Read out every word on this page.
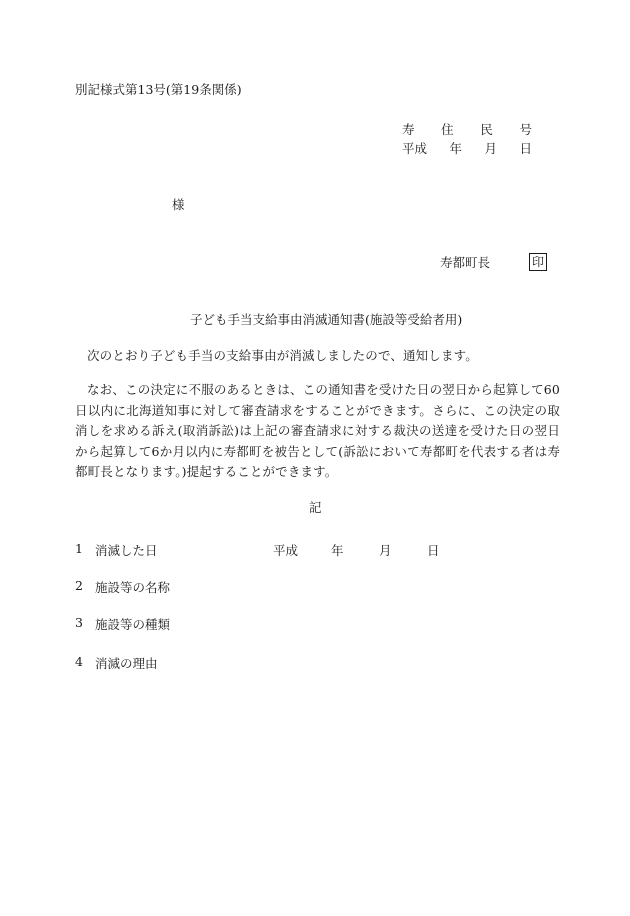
別記様式第13号(第19条関係)
寿 住 民 号
平成 年 月 日
様
寿都町長	印
子ども手当支給事由消滅通知書(施設等受給者用)
次のとおり子ども手当の支給事由が消滅しましたので、通知します。
なお、この決定に不服のあるときは、この通知書を受けた日の翌日から起算して60日以内に北海道知事に対して審査請求をすることができます。さらに、この決定の取消しを求める訴え(取消訴訟)は上記の審査請求に対する裁決の送達を受けた日の翌日から起算して6か月以内に寿都町を被告として(訴訟において寿都町を代表する者は寿都町長となります。)提起することができます。
記
1 消滅した日	平成	年	月	日
2 施設等の名称
3 施設等の種類
4 消滅の理由
